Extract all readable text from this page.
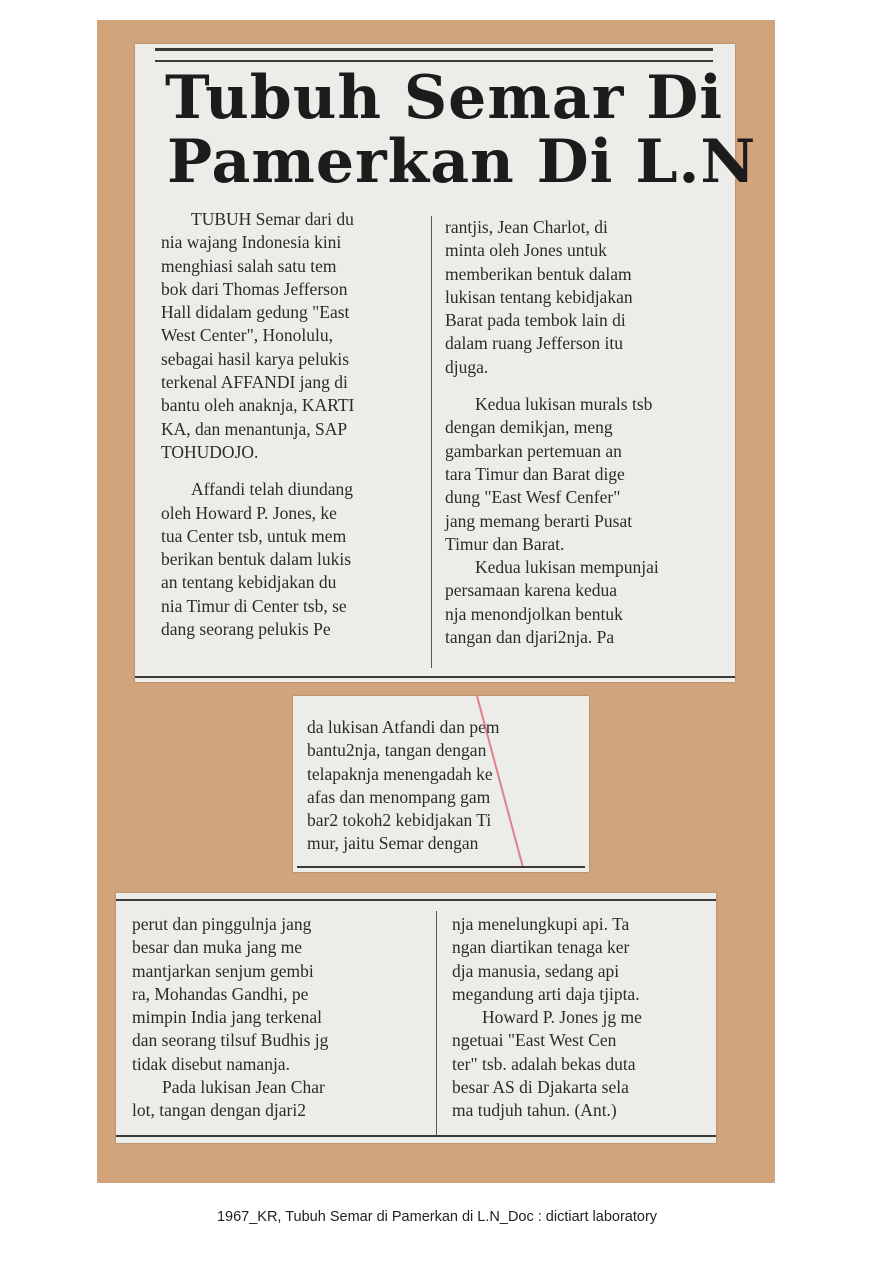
Tubuh Semar Di
Pamerkan Di L.N
TUBUH Semar dari du
nia wajang Indonesia kini
menghiasi salah satu tem
bok dari Thomas Jefferson
Hall didalam gedung "East
West Center", Honolulu,
sebagai hasil karya pelukis
terkenal AFFANDI jang di
bantu oleh anaknja, KARTI
KA, dan menantunja, SAP
TOHUDOJO.
Affandi telah diundang
oleh Howard P. Jones, ke
tua Center tsb, untuk mem
berikan bentuk dalam lukis
an tentang kebidjakan du
nia Timur di Center tsb, se
dang seorang pelukis Pe
rantjis, Jean Charlot, di
minta oleh Jones untuk
memberikan bentuk dalam
lukisan tentang kebidjakan
Barat pada tembok lain di
dalam ruang Jefferson itu
djuga.
Kedua lukisan murals tsb
dengan demikjan, meng
gambarkan pertemuan an
tara Timur dan Barat dige
dung "East Wesf Cenfer"
jang memang berarti Pusat
Timur dan Barat.
Kedua lukisan mempunjai
persamaan karena kedua
nja menondjolkan bentuk
tangan dan djari2nja. Pa
da lukisan Atfandi dan pem
bantu2nja, tangan dengan
telapaknja menengadah ke
afas dan menompang gam
bar2 tokoh2 kebidjakan Ti
mur, jaitu Semar dengan
perut dan pinggulnja jang
besar dan muka jang me
mantjarkan senjum gembi
ra, Mohandas Gandhi, pe
mimpin India jang terkenal
dan seorang tilsuf Budhis jg
tidak disebut namanja.
Pada lukisan Jean Char
lot, tangan dengan djari2
nja menelungkupi api. Ta
ngan diartikan tenaga ker
dja manusia, sedang api
megandung arti daja tjipta.
Howard P. Jones jg me
ngetuai "East West Cen
ter" tsb. adalah bekas duta
besar AS di Djakarta sela
ma tudjuh tahun. (Ant.)
1967_KR, Tubuh Semar di Pamerkan di L.N_Doc : dictiart laboratory
